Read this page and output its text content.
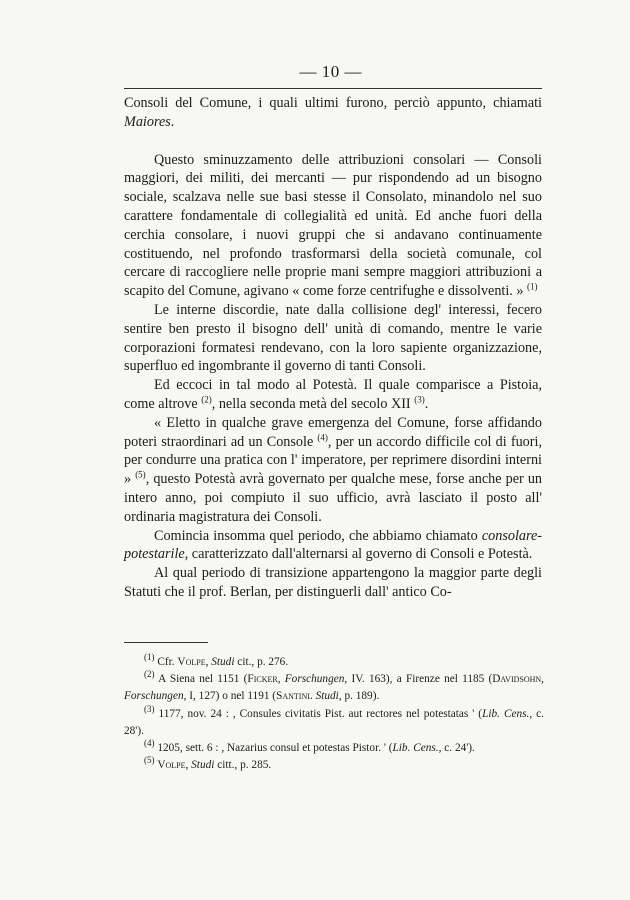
— 10 —

Consoli del Comune, i quali ultimi furono, perciò appunto, chiamati Maiores.

Questo sminuzzamento delle attribuzioni consolari — Consoli maggiori, dei militi, dei mercanti — pur rispondendo ad un bisogno sociale, scalzava nelle sue basi stesse il Consolato, minandolo nel suo carattere fondamentale di collegialità ed unità. Ed anche fuori della cerchia consolare, i nuovi gruppi che si andavano continuamente costituendo, nel profondo trasformarsi della società comunale, col cercare di raccogliere nelle proprie mani sempre maggiori attribuzioni a scapito del Comune, agivano « come forze centrifughe e dissolventi. » $^{(1)}$

Le interne discordie, nate dalla collisione degl' interessi, fecero sentire ben presto il bisogno dell' unità di comando, mentre le varie corporazioni formatesi rendevano, con la loro sapiente organizzazione, superfluo ed ingombrante il governo di tanti Consoli.

Ed eccoci in tal modo al Potestà. Il quale comparisce a Pistoia, come altrove $^{(2)}$, nella seconda metà del secolo XII $^{(3)}$.

« Eletto in qualche grave emergenza del Comune, forse affidando poteri straordinari ad un Console $^{(4)}$, per un accordo difficile col di fuori, per condurre una pratica con l' imperatore, per reprimere disordini interni » $^{(5)}$, questo Potestà avrà governato per qualche mese, forse anche per un intero anno, poi compiuto il suo ufficio, avrà lasciato il posto all' ordinaria magistratura dei Consoli.

Comincia insomma quel periodo, che abbiamo chiamato consolare-potestarile, caratterizzato dall'alternarsi al governo di Consoli e Potestà.

Al qual periodo di transizione appartengono la maggior parte degli Statuti che il prof. Berlan, per distinguerli dall' antico Co-

$^{(1)}$ Cfr. Volpe, Studi cit., p. 276.

$^{(2)}$ A Siena nel 1151 (Ficker, Forschungen, IV. 163), a Firenze nel 1185 (Davidsohn, Forschungen, I, 127) o nel 1191 (Santini. Studi, p. 189).

$^{(3)}$ 1177, nov. 24 : , Consules civitatis Pist. aut rectores nel potestatas ' (Lib. Cens., c. 28').

$^{(4)}$ 1205, sett. 6 : , Nazarius consul et potestas Pistor. ' (Lib. Cens., c. 24').

$^{(5)}$ Volpe, Studi citt., p. 285.
